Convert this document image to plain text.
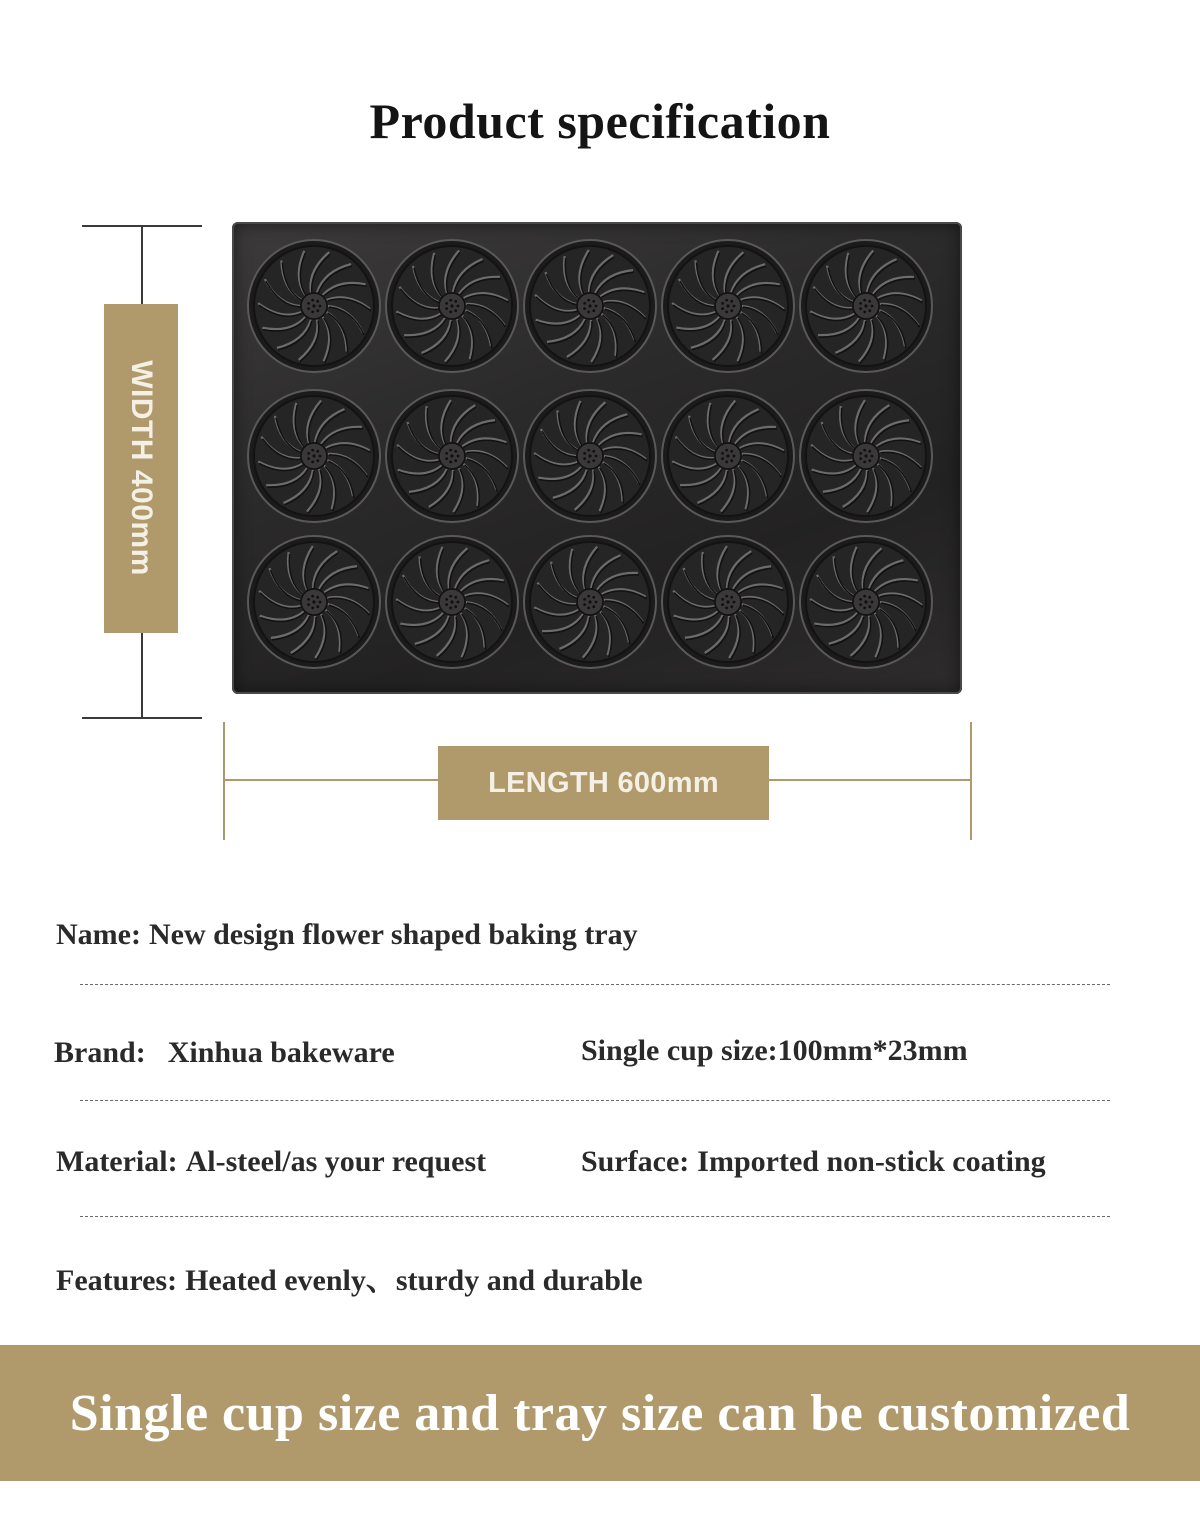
Product specification
WIDTH 400mm
LENGTH 600mm
Name: New design flower shaped baking tray
Brand: Xinhua bakeware	Single cup size:100mm*23mm
Material: Al-steel/as your request	Surface: Imported non-stick coating
Features: Heated evenly、sturdy and durable
Single cup size and tray size can be customized
